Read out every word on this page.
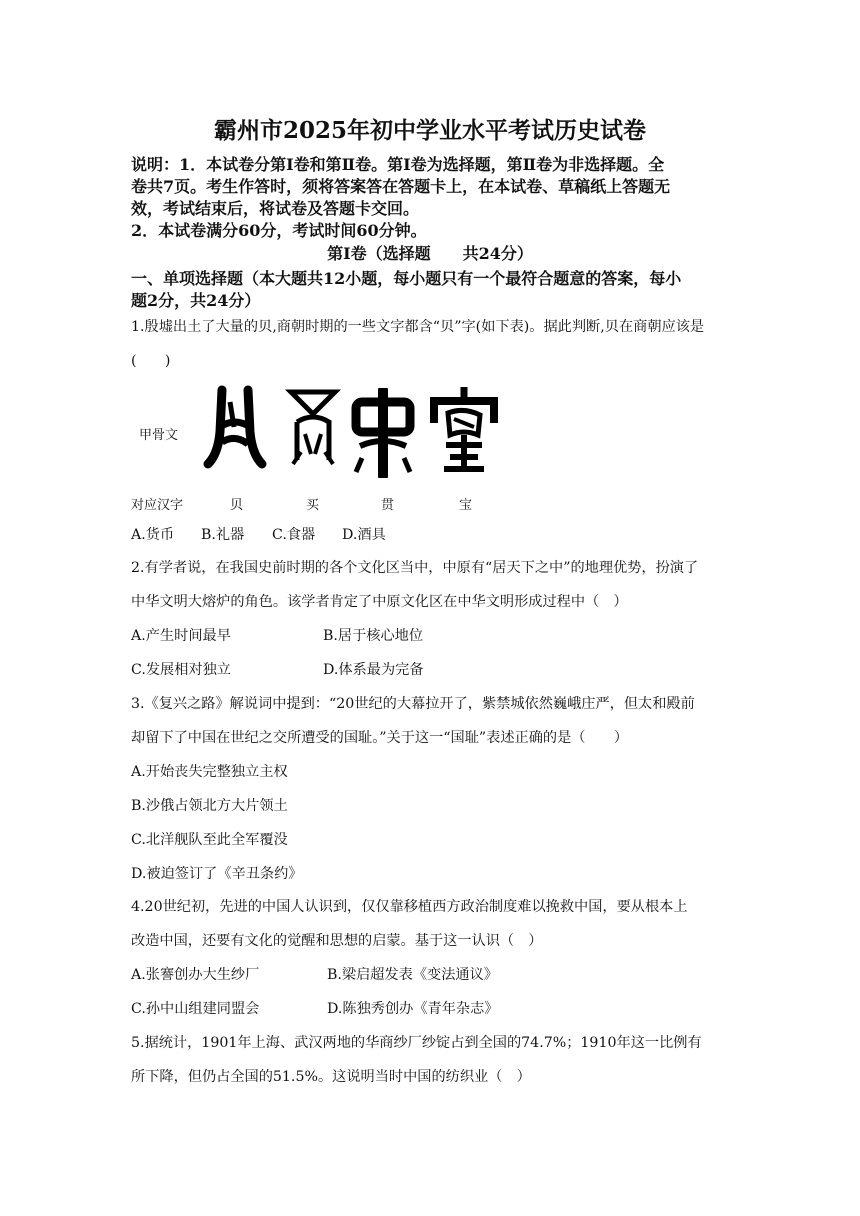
霸州市2025年初中学业水平考试历史试卷
说明：1．本试卷分第Ⅰ卷和第Ⅱ卷。第Ⅰ卷为选择题，第Ⅱ卷为非选择题。全
卷共7页。考生作答时，须将答案答在答题卡上，在本试卷、草稿纸上答题无
效，考试结束后，将试卷及答题卡交回。
2．本试卷满分60分，考试时间60分钟。
第Ⅰ卷（选择题　　共24分）
一、单项选择题（本大题共12小题，每小题只有一个最符合题意的答案，每小
题2分，共24分）
1.殷墟出土了大量的贝,商朝时期的一些文字都含“贝”字(如下表)。据此判断,贝在商朝应该是
(　　)
甲骨文
对应汉字	贝	买	贯	宝
A.货币 B.礼器 C.食器 D.酒具
2.有学者说，在我国史前时期的各个文化区当中，中原有“居天下之中”的地理优势，扮演了
中华文明大熔炉的角色。该学者肯定了中原文化区在中华文明形成过程中（　）
A.产生时间最早	B.居于核心地位
C.发展相对独立	D.体系最为完备
3.《复兴之路》解说词中提到：“20世纪的大幕拉开了，紫禁城依然巍峨庄严，但太和殿前
却留下了中国在世纪之交所遭受的国耻。”关于这一“国耻”表述正确的是（　　）
A.开始丧失完整独立主权
B.沙俄占领北方大片领土
C.北洋舰队至此全军覆没
D.被迫签订了《辛丑条约》
4.20世纪初，先进的中国人认识到，仅仅靠移植西方政治制度难以挽救中国，要从根本上
改造中国，还要有文化的觉醒和思想的启蒙。基于这一认识（　）
A.张謇创办大生纱厂	B.梁启超发表《变法通议》
C.孙中山组建同盟会	D.陈独秀创办《青年杂志》
5.据统计，1901年上海、武汉两地的华商纱厂纱锭占到全国的74.7%；1910年这一比例有
所下降，但仍占全国的51.5%。这说明当时中国的纺织业（　）
